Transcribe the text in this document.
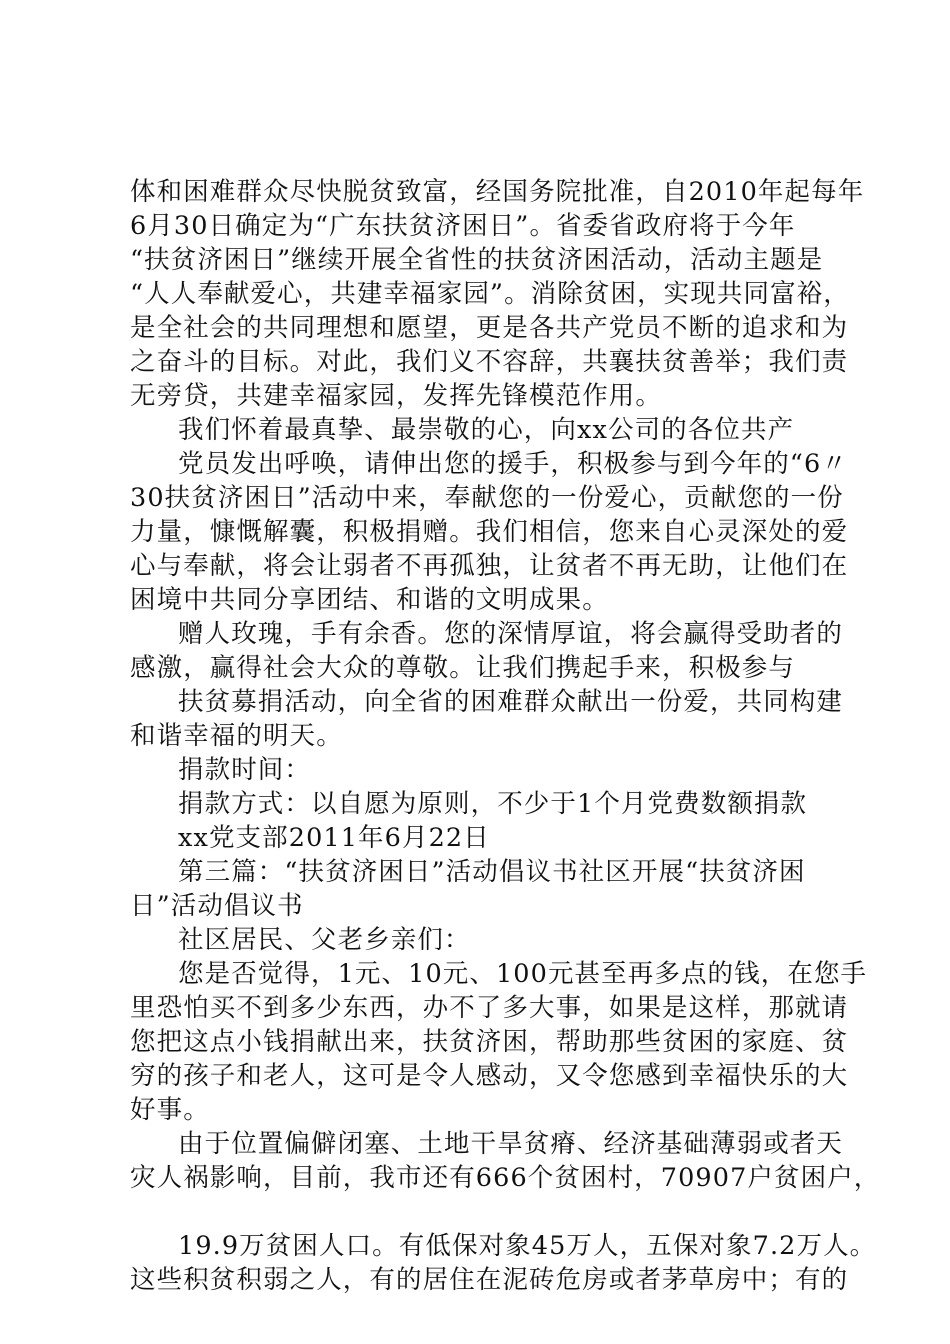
体和困难群众尽快脱贫致富，经国务院批准，自2010年起每年
6月30日确定为“广东扶贫济困日”。省委省政府将于今年
“扶贫济困日”继续开展全省性的扶贫济困活动，活动主题是
“人人奉献爱心，共建幸福家园”。消除贫困，实现共同富裕，
是全社会的共同理想和愿望，更是各共产党员不断的追求和为
之奋斗的目标。对此，我们义不容辞，共襄扶贫善举；我们责
无旁贷，共建幸福家园，发挥先锋模范作用。
我们怀着最真挚、最崇敬的心，向xx公司的各位共产
党员发出呼唤，请伸出您的援手，积极参与到今年的“6〃
30扶贫济困日”活动中来，奉献您的一份爱心，贡献您的一份
力量，慷慨解囊，积极捐赠。我们相信，您来自心灵深处的爱
心与奉献，将会让弱者不再孤独，让贫者不再无助，让他们在
困境中共同分享团结、和谐的文明成果。
赠人玫瑰，手有余香。您的深情厚谊，将会赢得受助者的
感激，赢得社会大众的尊敬。让我们携起手来，积极参与
扶贫募捐活动，向全省的困难群众献出一份爱，共同构建
和谐幸福的明天。
捐款时间：
捐款方式：以自愿为原则，不少于1个月党费数额捐款
xx党支部2011年6月22日
第三篇：“扶贫济困日”活动倡议书社区开展“扶贫济困
日”活动倡议书
社区居民、父老乡亲们：
您是否觉得，1元、10元、100元甚至再多点的钱，在您手
里恐怕买不到多少东西，办不了多大事，如果是这样，那就请
您把这点小钱捐献出来，扶贫济困，帮助那些贫困的家庭、贫
穷的孩子和老人，这可是令人感动，又令您感到幸福快乐的大
好事。
由于位置偏僻闭塞、土地干旱贫瘠、经济基础薄弱或者天
灾人祸影响，目前，我市还有666个贫困村，70907户贫困户，
19.9万贫困人口。有低保对象45万人，五保对象7.2万人。
这些积贫积弱之人，有的居住在泥砖危房或者茅草房中；有的
